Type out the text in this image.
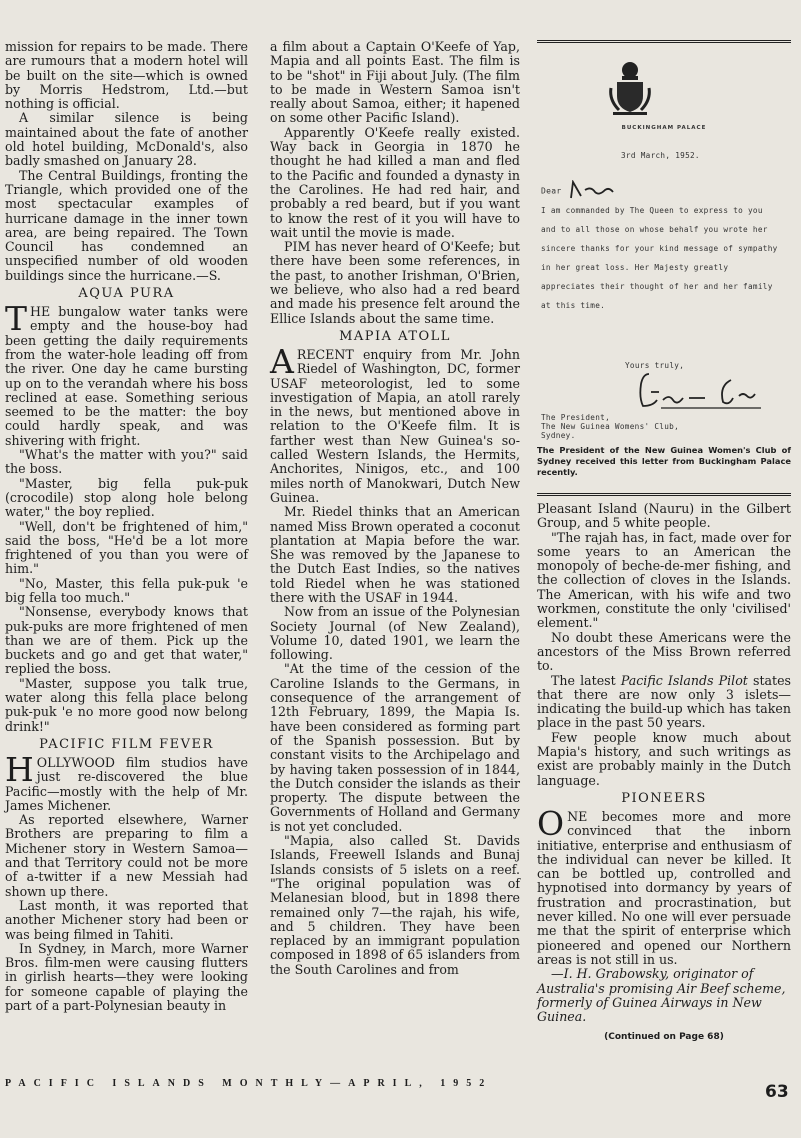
mission for repairs to be made. There are rumours that a modern hotel will be built on the site—which is owned by Morris Hedstrom, Ltd.—but nothing is official.

A similar silence is being maintained about the fate of another old hotel building, McDonald's, also badly smashed on January 28.

The Central Buildings, fronting the Triangle, which provided one of the most spectacular examples of hurricane damage in the inner town area, are being repaired. The Town Council has condemned an unspecified number of old wooden buildings since the hurricane.—S.

AQUA PURA

THE bungalow water tanks were empty and the house-boy had been getting the daily requirements from the water-hole leading off from the river. One day he came bursting up on to the verandah where his boss reclined at ease. Something serious seemed to be the matter: the boy could hardly speak, and was shivering with fright.

"What's the matter with you?" said the boss.

"Master, big fella puk-puk (crocodile) stop along hole belong water," the boy replied.

"Well, don't be frightened of him," said the boss, "He'd be a lot more frightened of you than you were of him."

"No, Master, this fella puk-puk 'e big fella too much."

"Nonsense, everybody knows that puk-puks are more frightened of men than we are of them. Pick up the buckets and go and get that water," replied the boss.

"Master, suppose you talk true, water along this fella place belong puk-puk 'e no more good now belong drink!"

PACIFIC FILM FEVER

HOLLYWOOD film studios have just re-discovered the blue Pacific—mostly with the help of Mr. James Michener.

As reported elsewhere, Warner Brothers are preparing to film a Michener story in Western Samoa—and that Territory could not be more of a-twitter if a new Messiah had shown up there.

Last month, it was reported that another Michener story had been or was being filmed in Tahiti.

In Sydney, in March, more Warner Bros. film-men were causing flutters in girlish hearts—they were looking for someone capable of playing the part of a part-Polynesian beauty in

a film about a Captain O'Keefe of Yap, Mapia and all points East. The film is to be "shot" in Fiji about July. (The film to be made in Western Samoa isn't really about Samoa, either; it hapened on some other Pacific Island).

Apparently O'Keefe really existed. Way back in Georgia in 1870 he thought he had killed a man and fled to the Pacific and founded a dynasty in the Carolines. He had red hair, and probably a red beard, but if you want to know the rest of it you will have to wait until the movie is made.

PIM has never heard of O'Keefe; but there have been some references, in the past, to another Irishman, O'Brien, we believe, who also had a red beard and made his presence felt around the Ellice Islands about the same time.

MAPIA ATOLL

ARECENT enquiry from Mr. John Riedel of Washington, DC, former USAF meteorologist, led to some investigation of Mapia, an atoll rarely in the news, but mentioned above in relation to the O'Keefe film. It is farther west than New Guinea's so-called Western Islands, the Hermits, Anchorites, Ninigos, etc., and 100 miles north of Manokwari, Dutch New Guinea.

Mr. Riedel thinks that an American named Miss Brown operated a coconut plantation at Mapia before the war. She was removed by the Japanese to the Dutch East Indies, so the natives told Riedel when he was stationed there with the USAF in 1944.

Now from an issue of the Polynesian Society Journal (of New Zealand), Volume 10, dated 1901, we learn the following.

"At the time of the cession of the Caroline Islands to the Germans, in consequence of the arrangement of 12th February, 1899, the Mapia Is. have been considered as forming part of the Spanish possession. But by constant visits to the Archipelago and by having taken possession of in 1844, the Dutch consider the islands as their property. The dispute between the Governments of Holland and Germany is not yet concluded.

"Mapia, also called St. Davids Islands, Freewell Islands and Bunaj Islands consists of 5 islets on a reef. "The original population was of Melanesian blood, but in 1898 there remained only 7—the rajah, his wife, and 5 children. They have been replaced by an immigrant population composed in 1898 of 65 islanders from the South Carolines and from

BUCKINGHAM PALACE
3rd March, 1952.
Dear
I am commanded by The Queen to express to you and to all those on whose behalf you wrote her sincere thanks for your kind message of sympathy in her great loss. Her Majesty greatly appreciates their thought of her and her family at this time.
Yours truly,
The President,
The New Guinea Womens' Club,
Sydney.
The President of the New Guinea Women's Club of Sydney received this letter from Buckingham Palace recently.

Pleasant Island (Nauru) in the Gilbert Group, and 5 white people.

"The rajah has, in fact, made over for some years to an American the monopoly of beche-de-mer fishing, and the collection of cloves in the Islands. The American, with his wife and two workmen, constitute the only 'civilised' element."

No doubt these Americans were the ancestors of the Miss Brown referred to.

The latest Pacific Islands Pilot states that there are now only 3 islets—indicating the build-up which has taken place in the past 50 years.

Few people know much about Mapia's history, and such writings as exist are probably mainly in the Dutch language.

PIONEERS

ONE becomes more and more convinced that the inborn initiative, enterprise and enthusiasm of the individual can never be killed. It can be bottled up, controlled and hypnotised into dormancy by years of frustration and procrastination, but never killed. No one will ever persuade me that the spirit of enterprise which pioneered and opened our Northern areas is not still in us.

—I. H. Grabowsky, originator of Australia's promising Air Beef scheme, formerly of Guinea Airways in New Guinea.

(Continued on Page 68)

PACIFIC ISLANDS MONTHLY—APRIL, 1952	63
